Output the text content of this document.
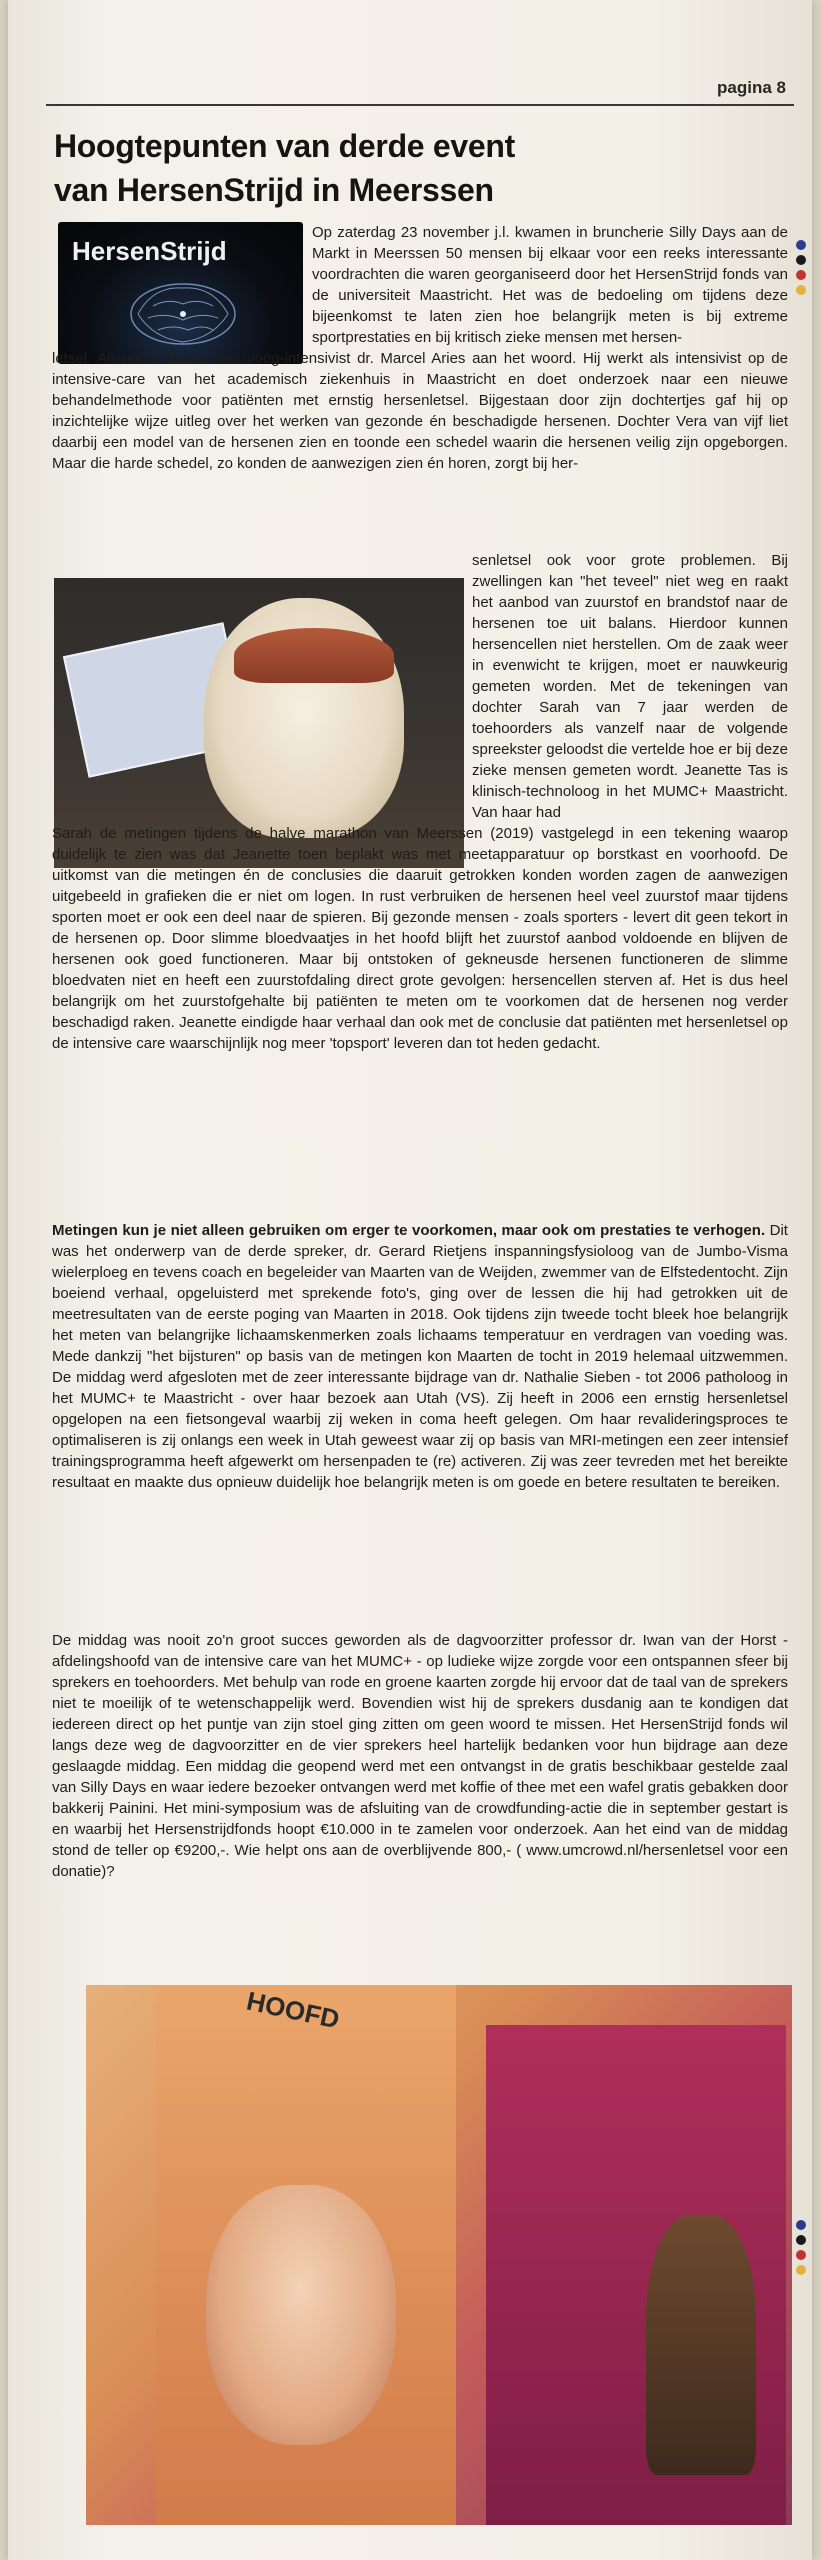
pagina 8
Hoogtepunten van derde event
van HersenStrijd in Meerssen
HersenStrijd

Op zaterdag 23 november j.l. kwamen in bruncherie Silly Days aan de Markt in Meerssen 50 mensen bij elkaar voor een reeks interessante voordrachten die waren georganiseerd door het HersenStrijd fonds van de universiteit Maastricht. Het was de bedoeling om tijdens deze bijeenkomst te laten zien hoe belangrijk meten is bij extreme sportprestaties en bij kritisch zieke mensen met hersen-

letsel. Allereerst kwam neuroloog-intensivist dr. Marcel Aries aan het woord. Hij werkt als intensivist op de intensive-care van het academisch ziekenhuis in Maastricht en doet onderzoek naar een nieuwe behandelmethode voor patiënten met ernstig hersenletsel. Bijgestaan door zijn dochtertjes gaf hij op inzichtelijke wijze uitleg over het werken van gezonde én beschadigde hersenen. Dochter Vera van vijf liet daarbij een model van de hersenen zien en toonde een schedel waarin die hersenen veilig zijn opgeborgen. Maar die harde schedel, zo konden de aanwezigen zien én horen, zorgt bij her-

senletsel ook voor grote problemen. Bij zwellingen kan "het teveel" niet weg en raakt het aanbod van zuurstof en brandstof naar de hersenen toe uit balans. Hierdoor kunnen hersencellen niet herstellen. Om de zaak weer in evenwicht te krijgen, moet er nauwkeurig gemeten worden. Met de tekeningen van dochter Sarah van 7 jaar werden de toehoorders als vanzelf naar de volgende spreekster geloodst die vertelde hoe er bij deze zieke mensen gemeten wordt. Jeanette Tas is klinisch-technoloog in het MUMC+ Maastricht. Van haar had

Sarah de metingen tijdens de halve marathon van Meerssen (2019) vastgelegd in een tekening waarop duidelijk te zien was dat Jeanette toen beplakt was met meetapparatuur op borstkast en voorhoofd. De uitkomst van die metingen én de conclusies die daaruit getrokken konden worden zagen de aanwezigen uitgebeeld in grafieken die er niet om logen. In rust verbruiken de hersenen heel veel zuurstof maar tijdens sporten moet er ook een deel naar de spieren. Bij gezonde mensen - zoals sporters - levert dit geen tekort in de hersenen op. Door slimme bloedvaatjes in het hoofd blijft het zuurstof aanbod voldoende en blijven de hersenen ook goed functioneren. Maar bij ontstoken of gekneusde hersenen functioneren de slimme bloedvaten niet en heeft een zuurstofdaling direct grote gevolgen: hersencellen sterven af. Het is dus heel belangrijk om het zuurstofgehalte bij patiënten te meten om te voorkomen dat de hersenen nog verder beschadigd raken. Jeanette eindigde haar verhaal dan ook met de conclusie dat patiënten met hersenletsel op de intensive care waarschijnlijk nog meer 'topsport' leveren dan tot heden gedacht.

Metingen kun je niet alleen gebruiken om erger te voorkomen, maar ook om prestaties te verhogen. Dit was het onderwerp van de derde spreker, dr. Gerard Rietjens inspanningsfysioloog van de Jumbo-Visma wielerploeg en tevens coach en begeleider van Maarten van de Weijden, zwemmer van de Elfstedentocht. Zijn boeiend verhaal, opgeluisterd met sprekende foto's, ging over de lessen die hij had getrokken uit de meetresultaten van de eerste poging van Maarten in 2018. Ook tijdens zijn tweede tocht bleek hoe belangrijk het meten van belangrijke lichaamskenmerken zoals lichaams temperatuur en verdragen van voeding was. Mede dankzij "het bijsturen" op basis van de metingen kon Maarten de tocht in 2019 helemaal uitzwemmen. De middag werd afgesloten met de zeer interessante bijdrage van dr. Nathalie Sieben - tot 2006 patholoog in het MUMC+ te Maastricht - over haar bezoek aan Utah (VS). Zij heeft in 2006 een ernstig hersenletsel opgelopen na een fietsongeval waarbij zij weken in coma heeft gelegen. Om haar revalideringsproces te optimaliseren is zij onlangs een week in Utah geweest waar zij op basis van MRI-metingen een zeer intensief trainingsprogramma heeft afgewerkt om hersenpaden te (re) activeren. Zij was zeer tevreden met het bereikte resultaat en maakte dus opnieuw duidelijk hoe belangrijk meten is om goede en betere resultaten te bereiken.

De middag was nooit zo'n groot succes geworden als de dagvoorzitter professor dr. Iwan van der Horst - afdelingshoofd van de intensive care van het MUMC+ - op ludieke wijze zorgde voor een ontspannen sfeer bij sprekers en toehoorders. Met behulp van rode en groene kaarten zorgde hij ervoor dat de taal van de sprekers niet te moeilijk of te wetenschappelijk werd. Bovendien wist hij de sprekers dusdanig aan te kondigen dat iedereen direct op het puntje van zijn stoel ging zitten om geen woord te missen. Het HersenStrijd fonds wil langs deze weg de dagvoorzitter en de vier sprekers heel hartelijk bedanken voor hun bijdrage aan deze geslaagde middag. Een middag die geopend werd met een ontvangst in de gratis beschikbaar gestelde zaal van Silly Days en waar iedere bezoeker ontvangen werd met koffie of thee met een wafel gratis gebakken door bakkerij Painini. Het mini-symposium was de afsluiting van de crowdfunding-actie die in september gestart is en waarbij het Hersenstrijdfonds hoopt €10.000 in te zamelen voor onderzoek. Aan het eind van de middag stond de teller op €9200,-. Wie helpt ons aan de overblijvende 800,- ( www.umcrowd.nl/hersenletsel voor een donatie)?

HOOFD
